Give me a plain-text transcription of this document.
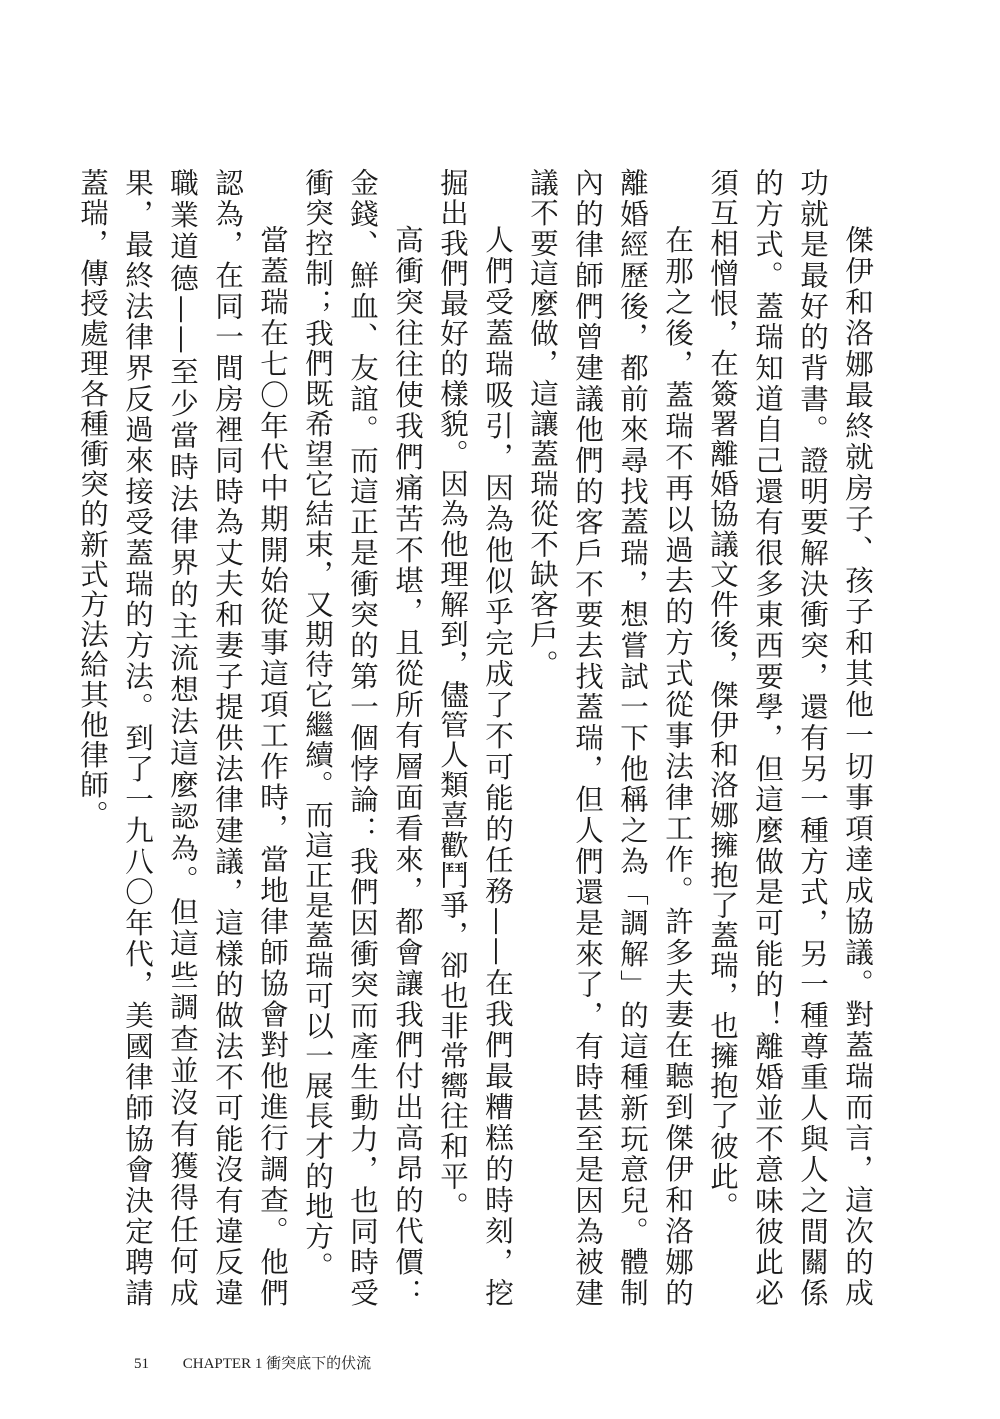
傑伊和洛娜最終就房子、孩子和其他一切事項達成協議。對蓋瑞而言，這次的成功就是最好的背書。證明要解決衝突，還有另一種方式，另一種尊重人與人之間關係的方式。蓋瑞知道自己還有很多東西要學，但這麼做是可能的！離婚並不意味彼此必須互相憎恨，在簽署離婚協議文件後，傑伊和洛娜擁抱了蓋瑞，也擁抱了彼此。

在那之後，蓋瑞不再以過去的方式從事法律工作。許多夫妻在聽到傑伊和洛娜的離婚經歷後，都前來尋找蓋瑞，想嘗試一下他稱之為「調解」的這種新玩意兒。體制內的律師們曾建議他們的客戶不要去找蓋瑞，但人們還是來了，有時甚至是因為被建議不要這麼做，這讓蓋瑞從不缺客戶。

人們受蓋瑞吸引，因為他似乎完成了不可能的任務——在我們最糟糕的時刻，挖掘出我們最好的樣貌。因為他理解到，儘管人類喜歡鬥爭，卻也非常嚮往和平。

高衝突往往使我們痛苦不堪，且從所有層面看來，都會讓我們付出高昂的代價：金錢、鮮血、友誼。而這正是衝突的第一個悖論：我們因衝突而產生動力，也同時受衝突控制；我們既希望它結束，又期待它繼續。而這正是蓋瑞可以一展長才的地方。

當蓋瑞在七〇年代中期開始從事這項工作時，當地律師協會對他進行調查。他們認為，在同一間房裡同時為丈夫和妻子提供法律建議，這樣的做法不可能沒有違反違職業道德——至少當時法律界的主流想法這麼認為。但這些調查並沒有獲得任何成果，最終法律界反過來接受蓋瑞的方法。到了一九八〇年代，美國律師協會決定聘請蓋瑞，傳授處理各種衝突的新式方法給其他律師。

51 CHAPTER 1 衝突底下的伏流
